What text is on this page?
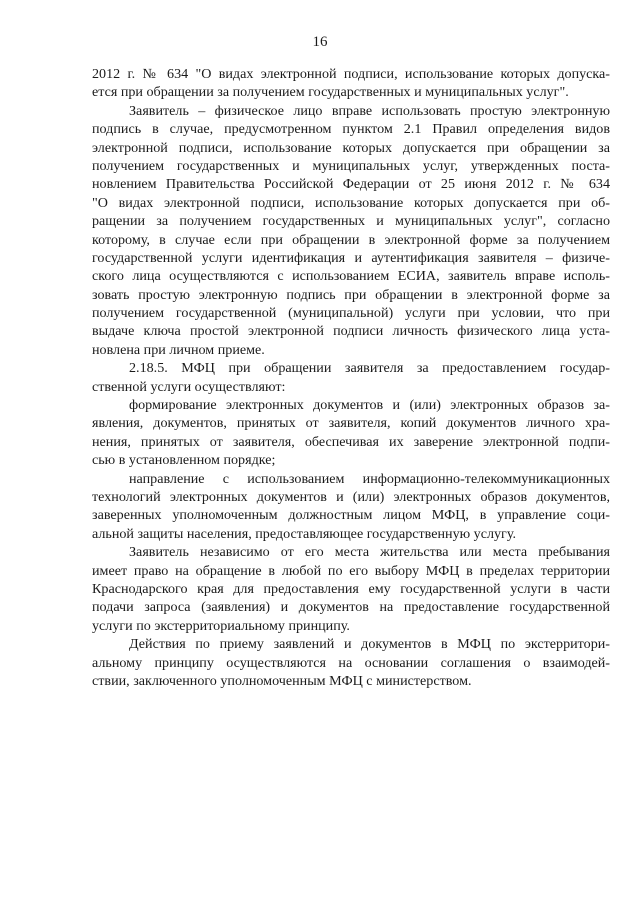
16
2012 г. № 634 "О видах электронной подписи, использование которых допуска-
ется при обращении за получением государственных и муниципальных услуг".
Заявитель – физическое лицо вправе использовать простую электронную
подпись в случае, предусмотренном пунктом 2.1 Правил определения видов
электронной подписи, использование которых допускается при обращении за
получением государственных и муниципальных услуг, утвержденных поста-
новлением Правительства Российской Федерации от 25 июня 2012 г. № 634
"О видах электронной подписи, использование которых допускается при об-
ращении за получением государственных и муниципальных услуг", согласно
которому, в случае если при обращении в электронной форме за получением
государственной услуги идентификация и аутентификация заявителя – физиче-
ского лица осуществляются с использованием ЕСИА, заявитель вправе исполь-
зовать простую электронную подпись при обращении в электронной форме за
получением государственной (муниципальной) услуги при условии, что при
выдаче ключа простой электронной подписи личность физического лица уста-
новлена при личном приеме.
2.18.5. МФЦ при обращении заявителя за предоставлением государ-
ственной услуги осуществляют:
формирование электронных документов и (или) электронных образов за-
явления, документов, принятых от заявителя, копий документов личного хра-
нения, принятых от заявителя, обеспечивая их заверение электронной подпи-
сью в установленном порядке;
направление с использованием информационно-телекоммуникационных
технологий электронных документов и (или) электронных образов документов,
заверенных уполномоченным должностным лицом МФЦ, в управление соци-
альной защиты населения, предоставляющее государственную услугу.
Заявитель независимо от его места жительства или места пребывания
имеет право на обращение в любой по его выбору МФЦ в пределах территории
Краснодарского края для предоставления ему государственной услуги в части
подачи запроса (заявления) и документов на предоставление государственной
услуги по экстерриториальному принципу.
Действия по приему заявлений и документов в МФЦ по экстерритори-
альному принципу осуществляются на основании соглашения о взаимодей-
ствии, заключенного уполномоченным МФЦ с министерством.
